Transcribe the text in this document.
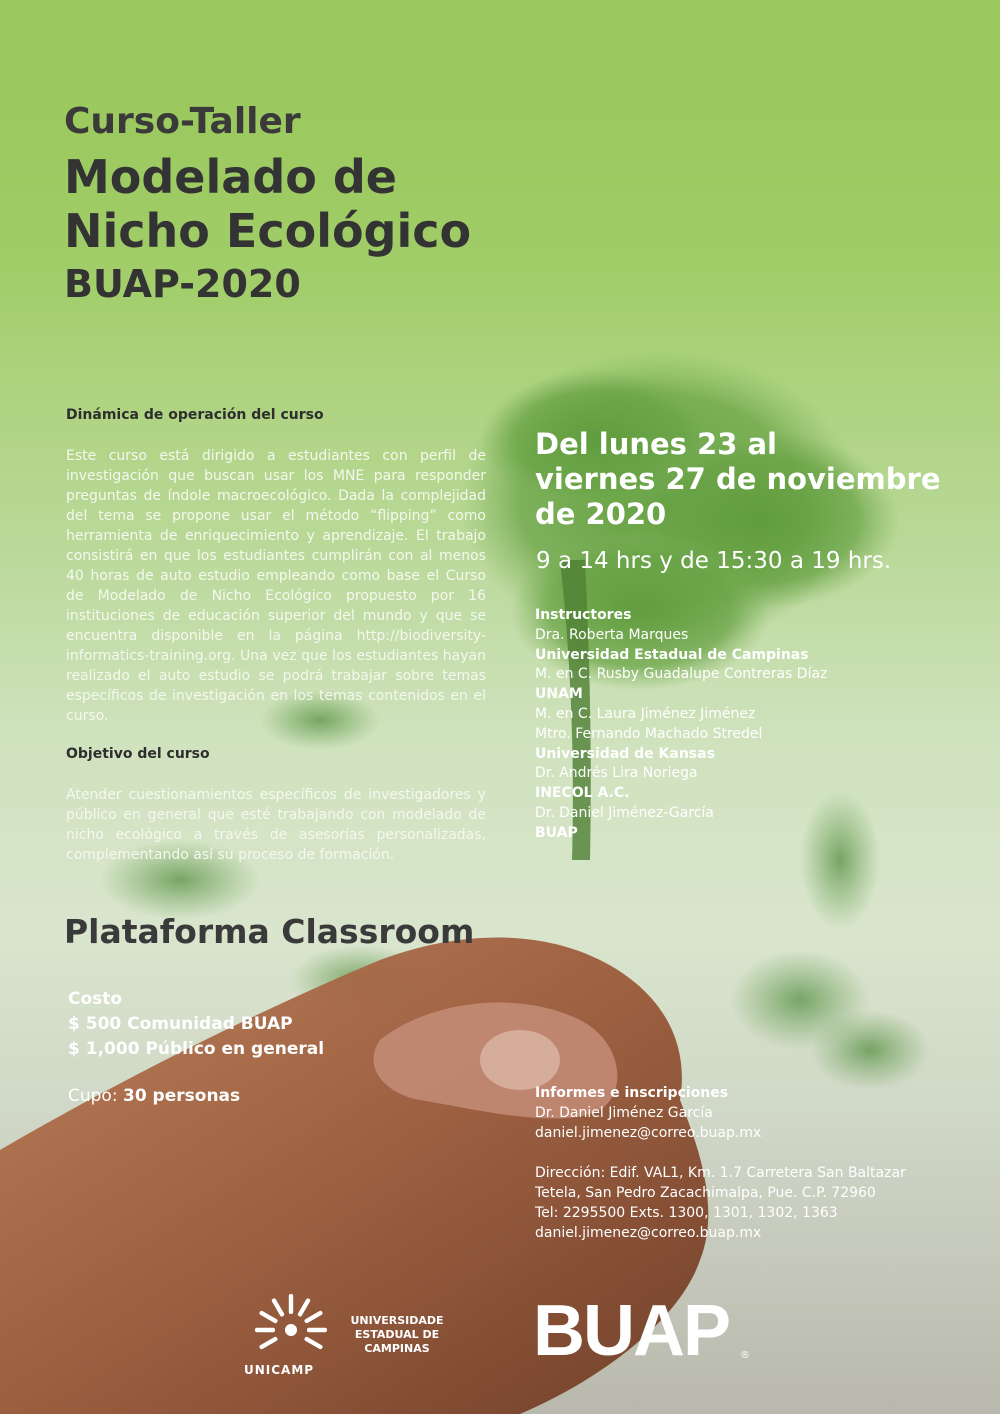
Curso-Taller
Modelado de
Nicho Ecológico
BUAP-2020
Dinámica de operación del curso
Este curso está dirigido a estudiantes con perfil de investigación que buscan usar los MNE para responder preguntas de índole macroecológico. Dada la complejidad del tema se propone usar el método “flipping” como herramienta de enriquecimiento y aprendizaje. El trabajo consistirá en que los estudiantes cumplirán con al menos 40 horas de auto estudio empleando como base el Curso de Modelado de Nicho Ecológico propuesto por 16 instituciones de educación superior del mundo y que se encuentra disponible en la página http://biodiversity-informatics-training.org. Una vez que los estudiantes hayan realizado el auto estudio se podrá trabajar sobre temas específicos de investigación en los temas contenidos en el curso.
Objetivo del curso
Atender cuestionamientos específicos de investigadores y público en general que esté trabajando con modelado de nicho ecológico a través de asesorías personalizadas, complementando así su proceso de formación.
Del lunes 23 al
viernes 27 de noviembre
de 2020
9 a 14 hrs y de 15:30 a 19 hrs.
Instructores
Dra. Roberta Marques
Universidad Estadual de Campinas
M. en C. Rusby Guadalupe Contreras Díaz
UNAM
M. en C. Laura Jiménez Jiménez
Mtro. Fernando Machado Stredel
Universidad de Kansas
Dr. Andrés Lira Noriega
INECOL A.C.
Dr. Daniel Jiménez-García
BUAP
Plataforma Classroom
Costo
$ 500 Comunidad BUAP
$ 1,000 Público en general
Cupo: 30 personas	Informes e inscripciones
Dr. Daniel Jiménez García
daniel.jimenez@correo.buap.mx
Dirección: Edif. VAL1, Km. 1.7 Carretera San Baltazar
Tetela, San Pedro Zacachimalpa, Pue. C.P. 72960
Tel: 2295500 Exts. 1300, 1301, 1302, 1363
daniel.jimenez@correo.buap.mx
UNICAMP
UNIVERSIDADE
ESTADUAL DE
CAMPINAS	BUAP ®
